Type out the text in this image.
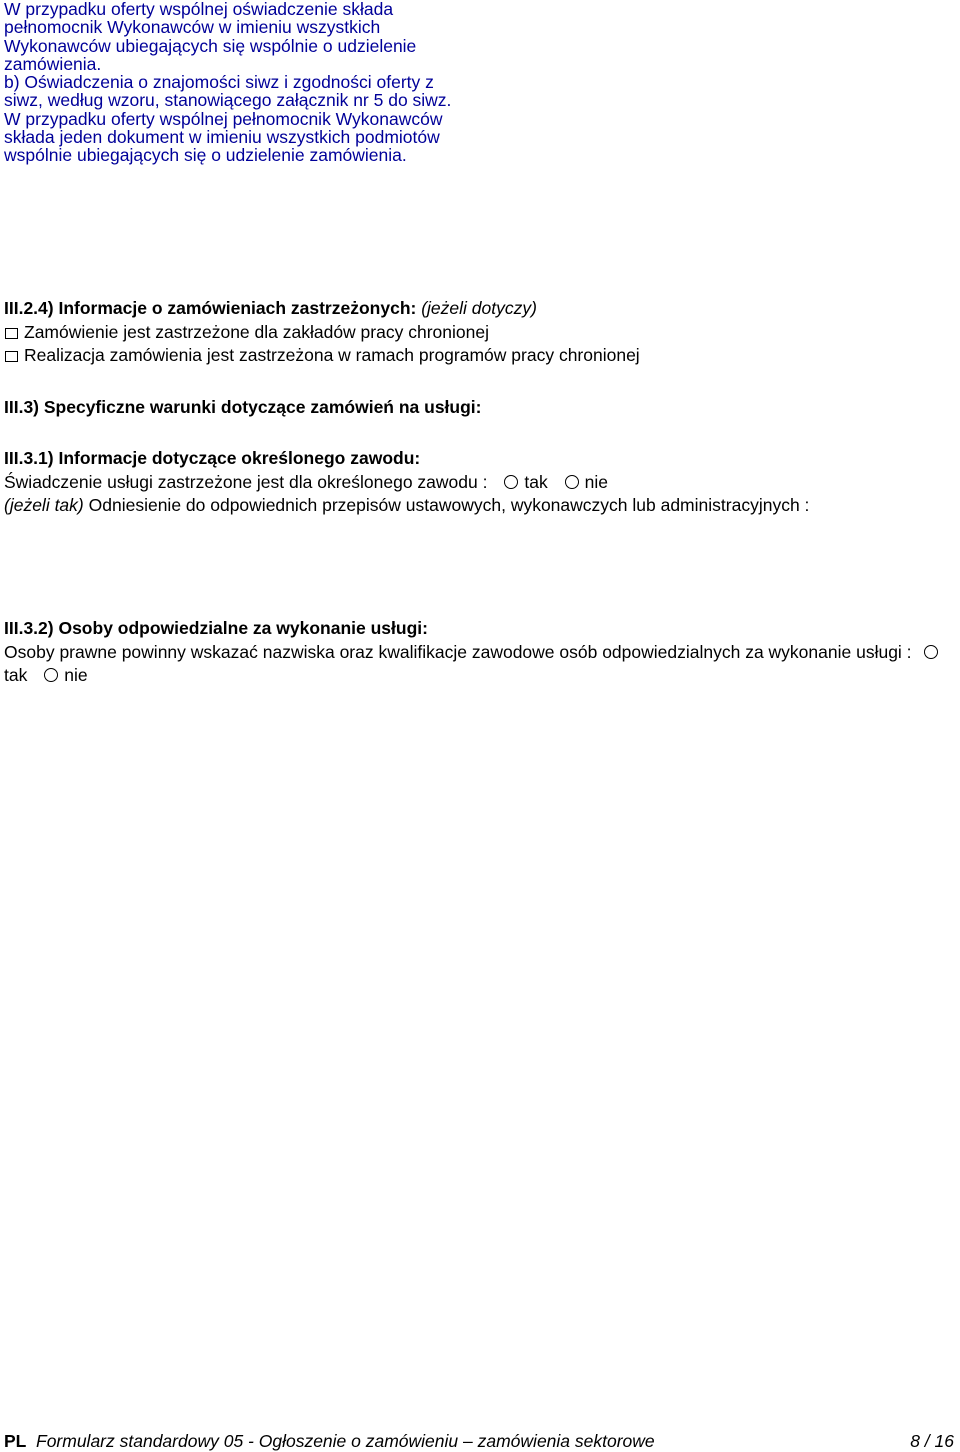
W przypadku oferty wspólnej oświadczenie składa pełnomocnik Wykonawców w imieniu wszystkich Wykonawców ubiegających się wspólnie o udzielenie zamówienia.

b) Oświadczenia o znajomości siwz i zgodności oferty z siwz, według wzoru, stanowiącego załącznik nr 5 do siwz.

W przypadku oferty wspólnej pełnomocnik Wykonawców składa jeden dokument w imieniu wszystkich podmiotów wspólnie ubiegających się o udzielenie zamówienia.

III.2.4) Informacje o zamówieniach zastrzeżonych: (jeżeli dotyczy)
Zamówienie jest zastrzeżone dla zakładów pracy chronionej
Realizacja zamówienia jest zastrzeżona w ramach programów pracy chronionej
III.3) Specyficzne warunki dotyczące zamówień na usługi:
III.3.1) Informacje dotyczące określonego zawodu:
Świadczenie usługi zastrzeżone jest dla określonego zawodu : tak nie
(jeżeli tak) Odniesienie do odpowiednich przepisów ustawowych, wykonawczych lub administracyjnych :
III.3.2) Osoby odpowiedzialne za wykonanie usługi:
Osoby prawne powinny wskazać nazwiska oraz kwalifikacje zawodowe osób odpowiedzialnych za wykonanie usługi : tak nie
PL Formularz standardowy 05 - Ogłoszenie o zamówieniu – zamówienia sektorowe	8 / 16
